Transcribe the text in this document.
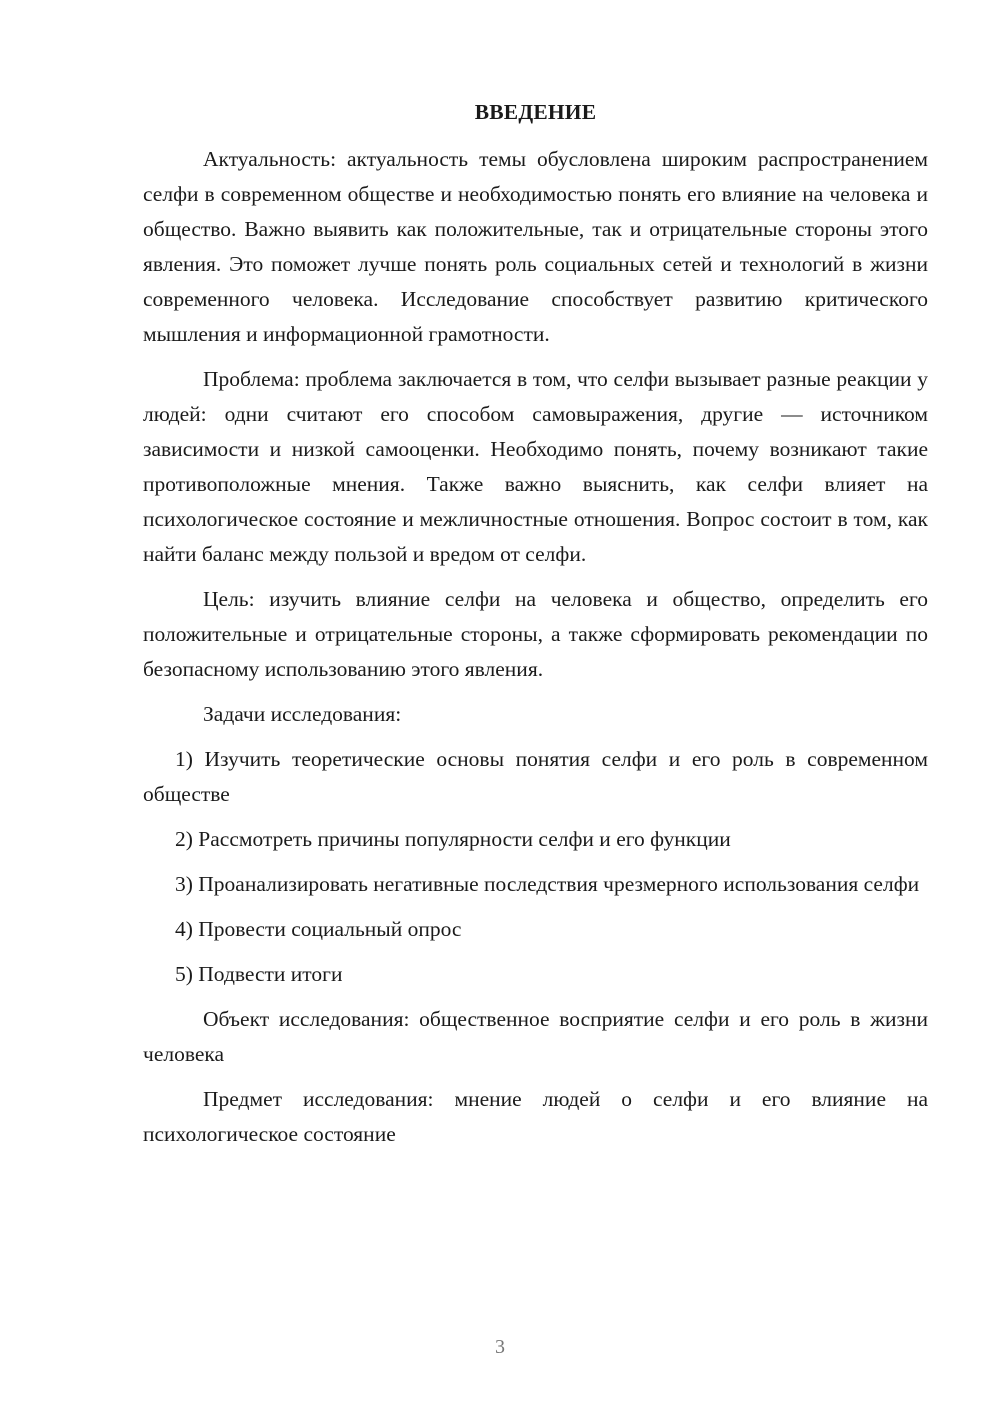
ВВЕДЕНИЕ

Актуальность: актуальность темы обусловлена широким распространением селфи в современном обществе и необходимостью понять его влияние на человека и общество. Важно выявить как положительные, так и отрицательные стороны этого явления. Это поможет лучше понять роль социальных сетей и технологий в жизни современного человека. Исследование способствует развитию критического мышления и информационной грамотности.

Проблема: проблема заключается в том, что селфи вызывает разные реакции у людей: одни считают его способом самовыражения, другие — источником зависимости и низкой самооценки. Необходимо понять, почему возникают такие противоположные мнения. Также важно выяснить, как селфи влияет на психологическое состояние и межличностные отношения. Вопрос состоит в том, как найти баланс между пользой и вредом от селфи.

Цель: изучить влияние селфи на человека и общество, определить его положительные и отрицательные стороны, а также сформировать рекомендации по безопасному использованию этого явления.

Задачи исследования:

1) Изучить теоретические основы понятия селфи и его роль в современном обществе

2) Рассмотреть причины популярности селфи и его функции

3) Проанализировать негативные последствия чрезмерного использования селфи

4) Провести социальный опрос

5) Подвести итоги

Объект исследования: общественное восприятие селфи и его роль в жизни человека

Предмет исследования: мнение людей о селфи и его влияние на психологическое состояние

3
